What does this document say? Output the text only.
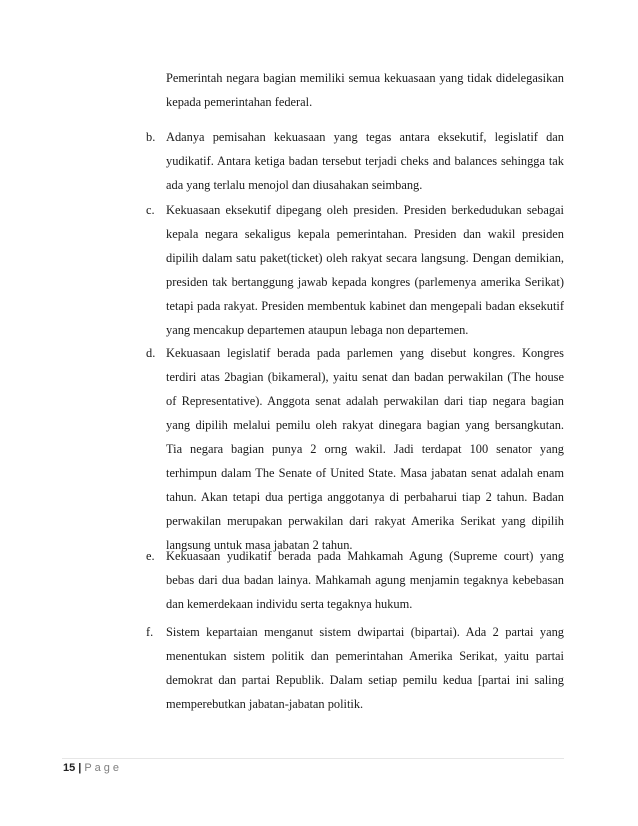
Pemerintah negara bagian memiliki semua kekuasaan yang tidak didelegasikan
kepada pemerintahan federal.
b. Adanya pemisahan kekuasaan yang tegas antara eksekutif, legislatif dan
yudikatif. Antara ketiga badan tersebut terjadi cheks and balances sehingga tak
ada yang terlalu menojol dan diusahakan seimbang.
c. Kekuasaan eksekutif dipegang oleh presiden. Presiden berkedudukan sebagai
kepala negara sekaligus kepala pemerintahan. Presiden dan wakil presiden
dipilih dalam satu paket(ticket) oleh rakyat secara langsung. Dengan demikian,
presiden tak bertanggung jawab kepada kongres (parlemenya amerika Serikat)
tetapi pada rakyat. Presiden membentuk kabinet dan mengepali badan eksekutif
yang mencakup departemen ataupun lebaga non departemen.
d. Kekuasaan legislatif berada pada parlemen yang disebut kongres. Kongres
terdiri atas 2bagian (bikameral), yaitu senat dan badan perwakilan (The house
of Representative). Anggota senat adalah perwakilan dari tiap negara bagian
yang dipilih melalui pemilu oleh rakyat dinegara bagian yang bersangkutan.
Tia negara bagian punya 2 orng wakil. Jadi terdapat 100 senator yang
terhimpun dalam The Senate of United State. Masa jabatan senat adalah enam
tahun. Akan tetapi dua pertiga anggotanya di perbaharui tiap 2 tahun. Badan
perwakilan merupakan perwakilan dari rakyat Amerika Serikat yang dipilih
langsung untuk masa jabatan 2 tahun.
e. Kekuasaan yudikatif berada pada Mahkamah Agung (Supreme court) yang
bebas dari dua badan lainya. Mahkamah agung menjamin tegaknya kebebasan
dan kemerdekaan individu serta tegaknya hukum.
f. Sistem kepartaian menganut sistem dwipartai (bipartai). Ada 2 partai yang
menentukan sistem politik dan pemerintahan Amerika Serikat, yaitu partai
demokrat dan partai Republik. Dalam setiap pemilu kedua [partai ini saling
memperebutkan jabatan-jabatan politik.
15 | Page
